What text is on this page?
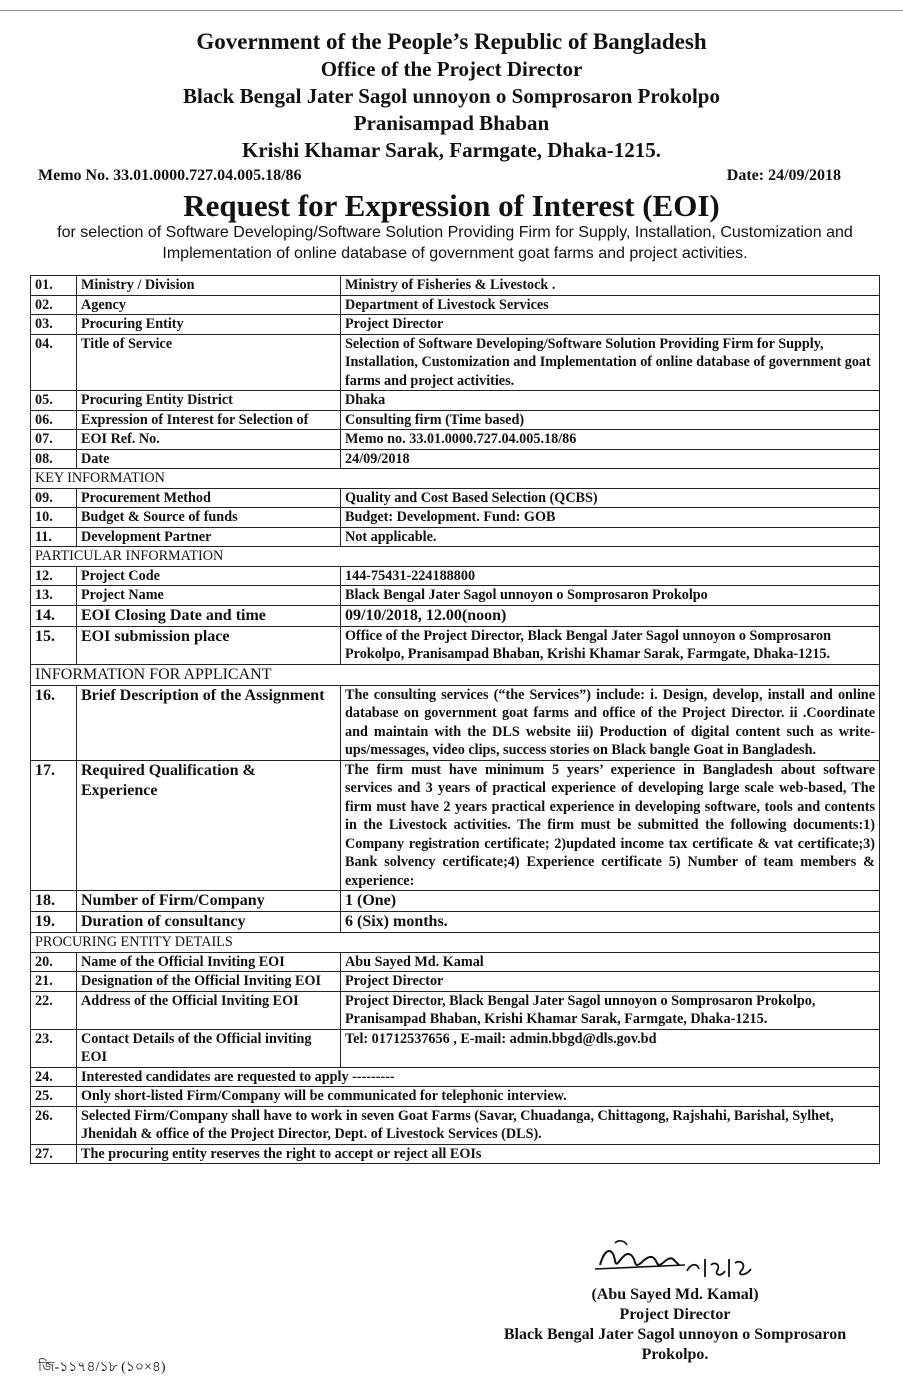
Government of the People’s Republic of Bangladesh
Office of the Project Director
Black Bengal Jater Sagol unnoyon o Somprosaron Prokolpo
Pranisampad Bhaban
Krishi Khamar Sarak, Farmgate, Dhaka-1215.
Memo No. 33.01.0000.727.04.005.18/86	Date: 24/09/2018
Request for Expression of Interest (EOI)
for selection of Software Developing/Software Solution Providing Firm for Supply, Installation, Customization and Implementation of online database of government goat farms and project activities.
01.	Ministry / Division	Ministry of Fisheries & Livestock .
02.	Agency	Department of Livestock Services
03.	Procuring Entity	Project Director
04.	Title of Service	Selection of Software Developing/Software Solution Providing Firm for Supply, Installation, Customization and Implementation of online database of government goat farms and project activities.
05.	Procuring Entity District	Dhaka
06.	Expression of Interest for Selection of	Consulting firm (Time based)
07.	EOI Ref. No.	Memo no. 33.01.0000.727.04.005.18/86
08.	Date	24/09/2018
KEY INFORMATION		
09.	Procurement Method	Quality and Cost Based Selection (QCBS)
10.	Budget & Source of funds	Budget: Development. Fund: GOB
11.	Development Partner	Not applicable.
PARTICULAR INFORMATION		
12.	Project Code	144-75431-224188800
13.	Project Name	Black Bengal Jater Sagol unnoyon o Somprosaron Prokolpo
14.	EOI Closing Date and time	09/10/2018, 12.00(noon)
15.	EOI submission place	Office of the Project Director, Black Bengal Jater Sagol unnoyon o Somprosaron Prokolpo, Pranisampad Bhaban, Krishi Khamar Sarak, Farmgate, Dhaka-1215.
INFORMATION FOR APPLICANT		
16.	Brief Description of the Assignment	The consulting services (“the Services”) include: i. Design, develop, install and online database on government goat farms and office of the Project Director. ii .Coordinate and maintain with the DLS website iii) Production of digital content such as write-ups/messages, video clips, success stories on Black bangle Goat in Bangladesh.
17.	Required Qualification & Experience	The firm must have minimum 5 years’ experience in Bangladesh about software services and 3 years of practical experience of developing large scale web-based, The firm must have 2 years practical experience in developing software, tools and contents in the Livestock activities. The firm must be submitted the following documents:1) Company registration certificate; 2)updated income tax certificate & vat certificate;3) Bank solvency certificate;4) Experience certificate 5) Number of team members & experience:
18.	Number of Firm/Company	1 (One)
19.	Duration of consultancy	6 (Six) months.
PROCURING ENTITY DETAILS		
20.	Name of the Official Inviting EOI	Abu Sayed Md. Kamal
21.	Designation of the Official Inviting EOI	Project Director
22.	Address of the Official Inviting EOI	Project Director, Black Bengal Jater Sagol unnoyon o Somprosaron Prokolpo, Pranisampad Bhaban, Krishi Khamar Sarak, Farmgate, Dhaka-1215.
23.	Contact Details of the Official inviting EOI	Tel: 01712537656 , E-mail: admin.bbgd@dls.gov.bd
24.	Interested candidates are requested to apply ---------	
25.	Only short-listed Firm/Company will be communicated for telephonic interview.	
26.	Selected Firm/Company shall have to work in seven Goat Farms (Savar, Chuadanga, Chittagong, Rajshahi, Barishal, Sylhet, Jhenidah & office of the Project Director, Dept. of Livestock Services (DLS).	
27.	The procuring entity reserves the right to accept or reject all EOIs	
(Abu Sayed Md. Kamal)
Project Director
Black Bengal Jater Sagol unnoyon o Somprosaron Prokolpo.
জি-১১৭৪/১৮ (১০×৪)
